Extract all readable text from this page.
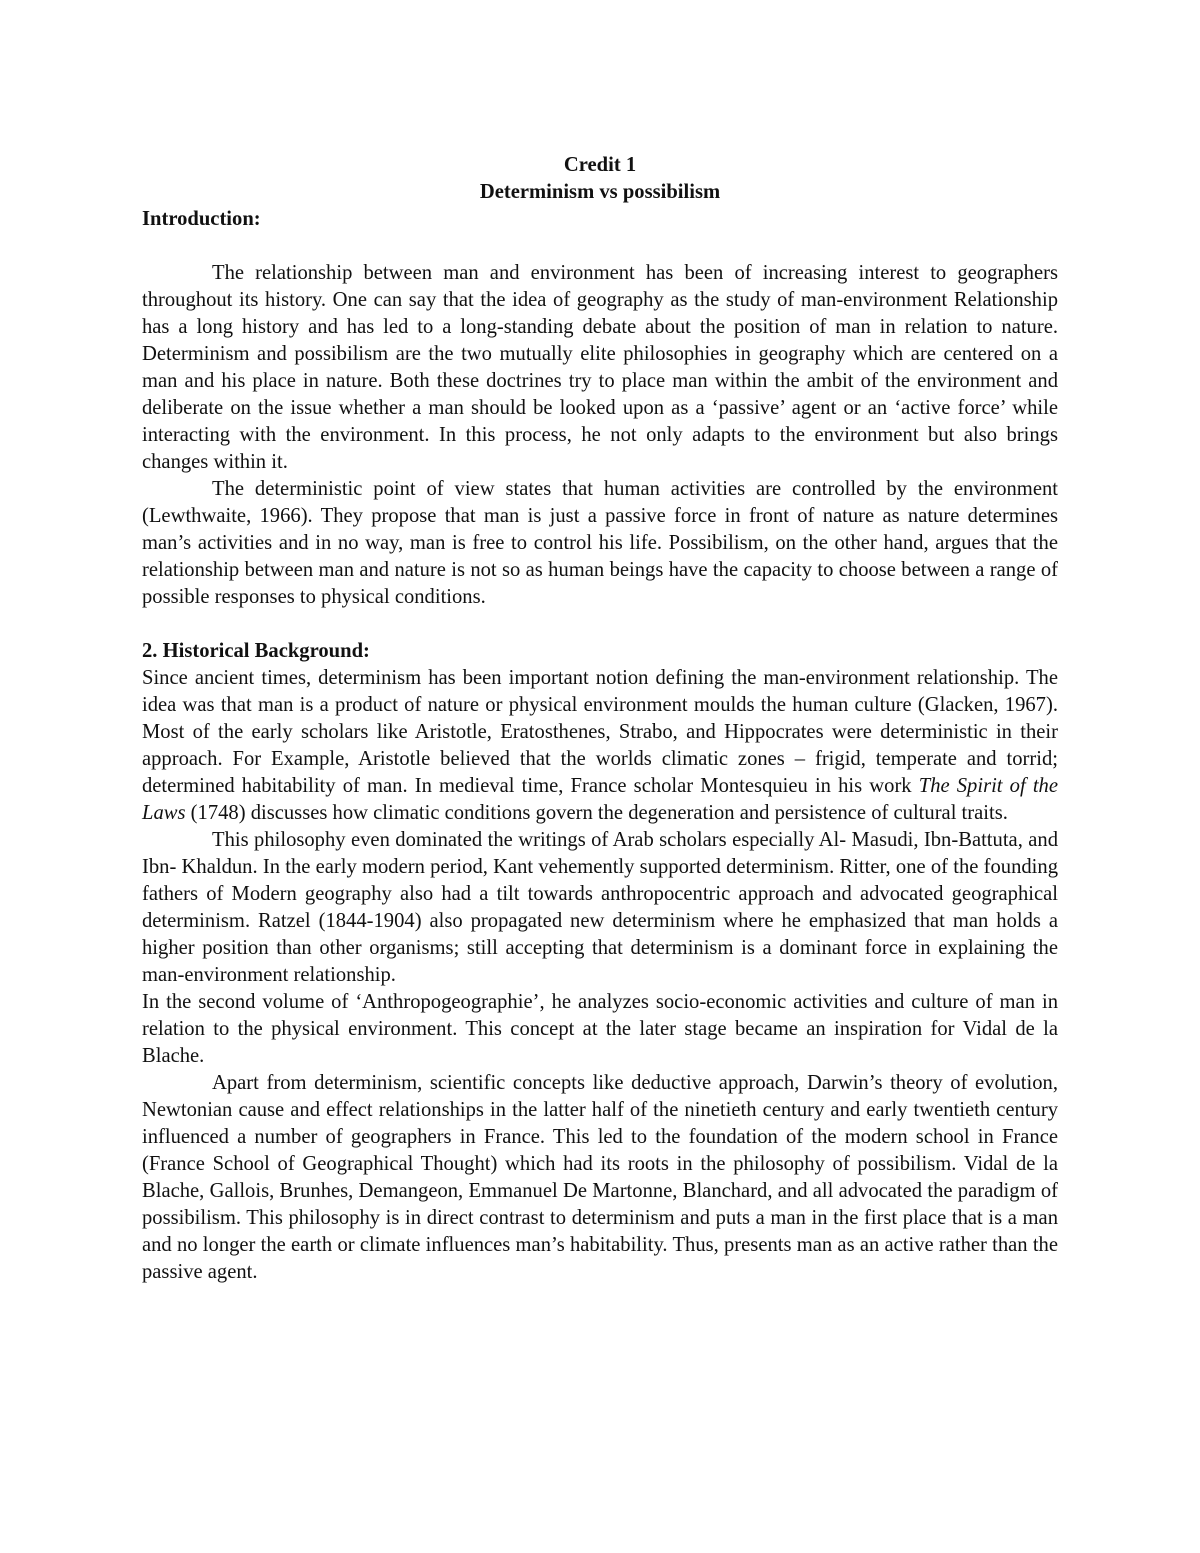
Credit 1

Determinism vs possibilism

Introduction:

The relationship between man and environment has been of increasing interest to geographers throughout its history. One can say that the idea of geography as the study of man-environment Relationship has a long history and has led to a long-standing debate about the position of man in relation to nature. Determinism and possibilism are the two mutually elite philosophies in geography which are centered on a man and his place in nature. Both these doctrines try to place man within the ambit of the environment and deliberate on the issue whether a man should be looked upon as a ‘passive’ agent or an ‘active force’ while interacting with the environment. In this process, he not only adapts to the environment but also brings changes within it.

The deterministic point of view states that human activities are controlled by the environment (Lewthwaite, 1966). They propose that man is just a passive force in front of nature as nature determines man’s activities and in no way, man is free to control his life. Possibilism, on the other hand, argues that the relationship between man and nature is not so as human beings have the capacity to choose between a range of possible responses to physical conditions.

2. Historical Background:

Since ancient times, determinism has been important notion defining the man-environment relationship. The idea was that man is a product of nature or physical environment moulds the human culture (Glacken, 1967). Most of the early scholars like Aristotle, Eratosthenes, Strabo, and Hippocrates were deterministic in their approach. For Example, Aristotle believed that the worlds climatic zones – frigid, temperate and torrid; determined habitability of man. In medieval time, France scholar Montesquieu in his work The Spirit of the Laws (1748) discusses how climatic conditions govern the degeneration and persistence of cultural traits.

This philosophy even dominated the writings of Arab scholars especially Al- Masudi, Ibn-Battuta, and Ibn- Khaldun. In the early modern period, Kant vehemently supported determinism. Ritter, one of the founding fathers of Modern geography also had a tilt towards anthropocentric approach and advocated geographical determinism. Ratzel (1844-1904) also propagated new determinism where he emphasized that man holds a higher position than other organisms; still accepting that determinism is a dominant force in explaining the man-environment relationship.

In the second volume of ‘Anthropogeographie’, he analyzes socio-economic activities and culture of man in relation to the physical environment. This concept at the later stage became an inspiration for Vidal de la Blache.

Apart from determinism, scientific concepts like deductive approach, Darwin’s theory of evolution, Newtonian cause and effect relationships in the latter half of the ninetieth century and early twentieth century influenced a number of geographers in France. This led to the foundation of the modern school in France (France School of Geographical Thought) which had its roots in the philosophy of possibilism. Vidal de la Blache, Gallois, Brunhes, Demangeon, Emmanuel De Martonne, Blanchard, and all advocated the paradigm of possibilism. This philosophy is in direct contrast to determinism and puts a man in the first place that is a man and no longer the earth or climate influences man’s habitability. Thus, presents man as an active rather than the passive agent.
